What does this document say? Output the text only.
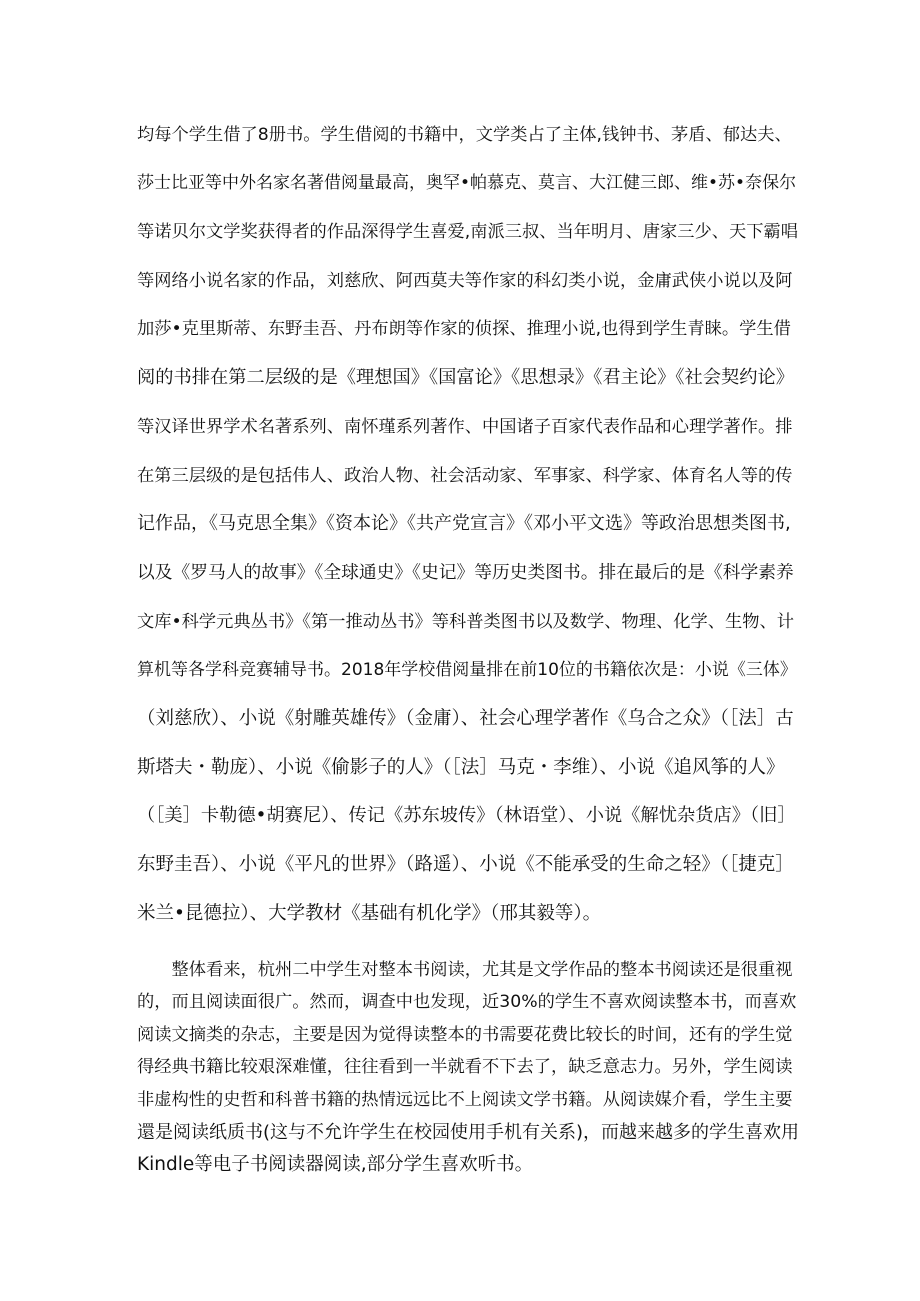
均每个学生借了8册书。学生借阅的书籍中，文学类占了主体,钱钟书、茅盾、郁达夫、
莎士比亚等中外名家名著借阅量最高，奥罕•帕慕克、莫言、大江健三郎、维•苏•奈保尔
等诺贝尔文学奖获得者的作品深得学生喜爱,南派三叔、当年明月、唐家三少、天下霸唱
等网络小说名家的作品，刘慈欣、阿西莫夫等作家的科幻类小说，金庸武侠小说以及阿
加莎•克里斯蒂、东野圭吾、丹布朗等作家的侦探、推理小说,也得到学生青睐。学生借
阅的书排在第二层级的是《理想国》《国富论》《思想录》《君主论》《社会契约论》
等汉译世界学术名著系列、南怀瑾系列著作、中国诸子百家代表作品和心理学著作。排
在第三层级的是包括伟人、政治人物、社会活动家、军事家、科学家、体育名人等的传
记作品，《马克思全集》《资本论》《共产党宣言》《邓小平文选》等政治思想类图书,
以及《罗马人的故事》《全球通史》《史记》等历史类图书。排在最后的是《科学素养
文库•科学元典丛书》《第一推动丛书》等科普类图书以及数学、物理、化学、生物、计
算机等各学科竞赛辅导书。2018年学校借阅量排在前10位的书籍依次是：小说《三体》
（刘慈欣）、小说《射雕英雄传》（金庸）、社会心理学著作《乌合之众》（［法］古
斯塔夫・勒庞）、小说《偷影子的人》（［法］马克・李维）、小说《追风筝的人》
（［美］卡勒德•胡赛尼）、传记《苏东坡传》（林语堂）、小说《解忧杂货店》（旧］
东野圭吾）、小说《平凡的世界》（路遥）、小说《不能承受的生命之轻》（［捷克］
米兰•昆德拉）、大学教材《基础有机化学》（邢其毅等）。
　　整体看来，杭州二中学生对整本书阅读，尤其是文学作品的整本书阅读还是很重视
的，而且阅读面很广。然而，调查中也发现，近30%的学生不喜欢阅读整本书，而喜欢
阅读文摘类的杂志，主要是因为觉得读整本的书需要花费比较长的时间，还有的学生觉
得经典书籍比较艰深难懂，往往看到一半就看不下去了，缺乏意志力。另外，学生阅读
非虚构性的史哲和科普书籍的热情远远比不上阅读文学书籍。从阅读媒介看，学生主要
還是阅读纸质书(这与不允许学生在校园使用手机有关系)，而越来越多的学生喜欢用
Kindle等电子书阅读器阅读,部分学生喜欢听书。
